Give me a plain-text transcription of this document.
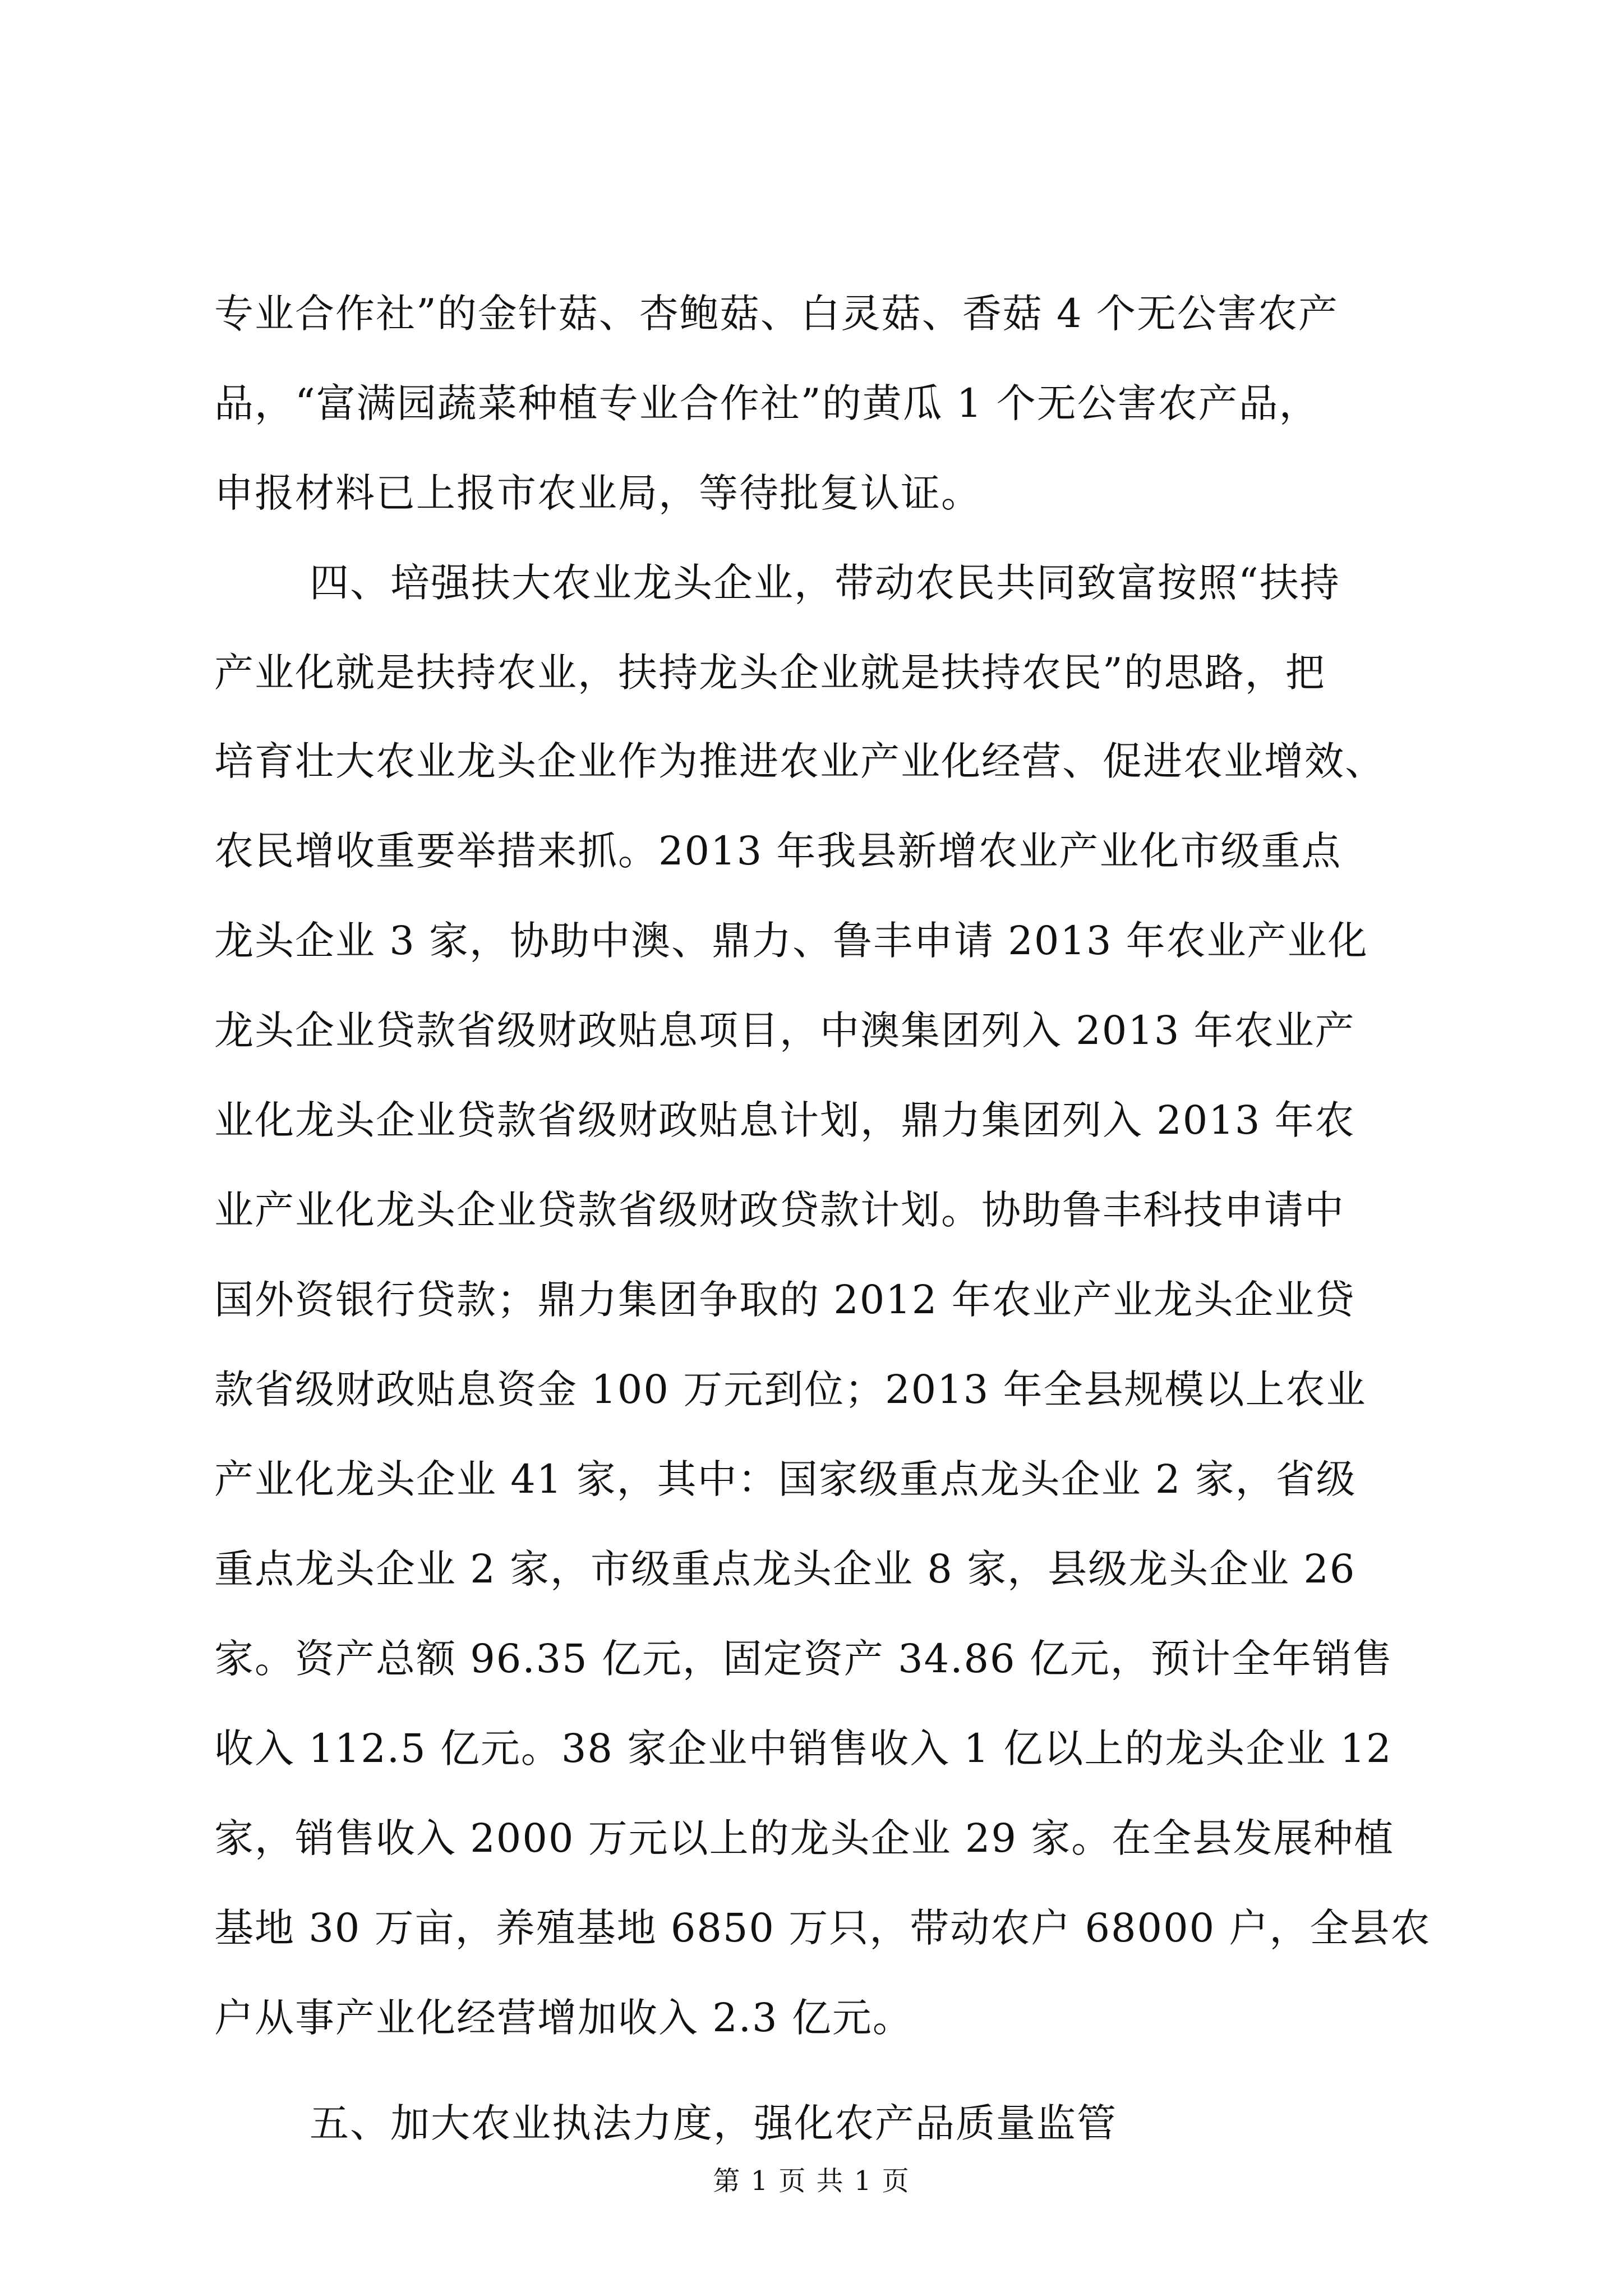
专业合作社”的金针菇、杏鲍菇、白灵菇、香菇 4 个无公害农产
品，“富满园蔬菜种植专业合作社”的黄瓜 1 个无公害农产品，
申报材料已上报市农业局，等待批复认证。
四、培强扶大农业龙头企业，带动农民共同致富按照“扶持
产业化就是扶持农业，扶持龙头企业就是扶持农民”的思路，把
培育壮大农业龙头企业作为推进农业产业化经营、促进农业增效、
农民增收重要举措来抓。2013 年我县新增农业产业化市级重点
龙头企业 3 家，协助中澳、鼎力、鲁丰申请 2013 年农业产业化
龙头企业贷款省级财政贴息项目，中澳集团列入 2013 年农业产
业化龙头企业贷款省级财政贴息计划，鼎力集团列入 2013 年农
业产业化龙头企业贷款省级财政贷款计划。协助鲁丰科技申请中
国外资银行贷款；鼎力集团争取的 2012 年农业产业龙头企业贷
款省级财政贴息资金 100 万元到位；2013 年全县规模以上农业
产业化龙头企业 41 家，其中：国家级重点龙头企业 2 家，省级
重点龙头企业 2 家，市级重点龙头企业 8 家，县级龙头企业 26
家。资产总额 96.35 亿元，固定资产 34.86 亿元，预计全年销售
收入 112.5 亿元。38 家企业中销售收入 1 亿以上的龙头企业 12
家，销售收入 2000 万元以上的龙头企业 29 家。在全县发展种植
基地 30 万亩，养殖基地 6850 万只，带动农户 68000 户，全县农
户从事产业化经营增加收入 2.3 亿元。
五、加大农业执法力度，强化农产品质量监管
第 1 页 共 1 页
